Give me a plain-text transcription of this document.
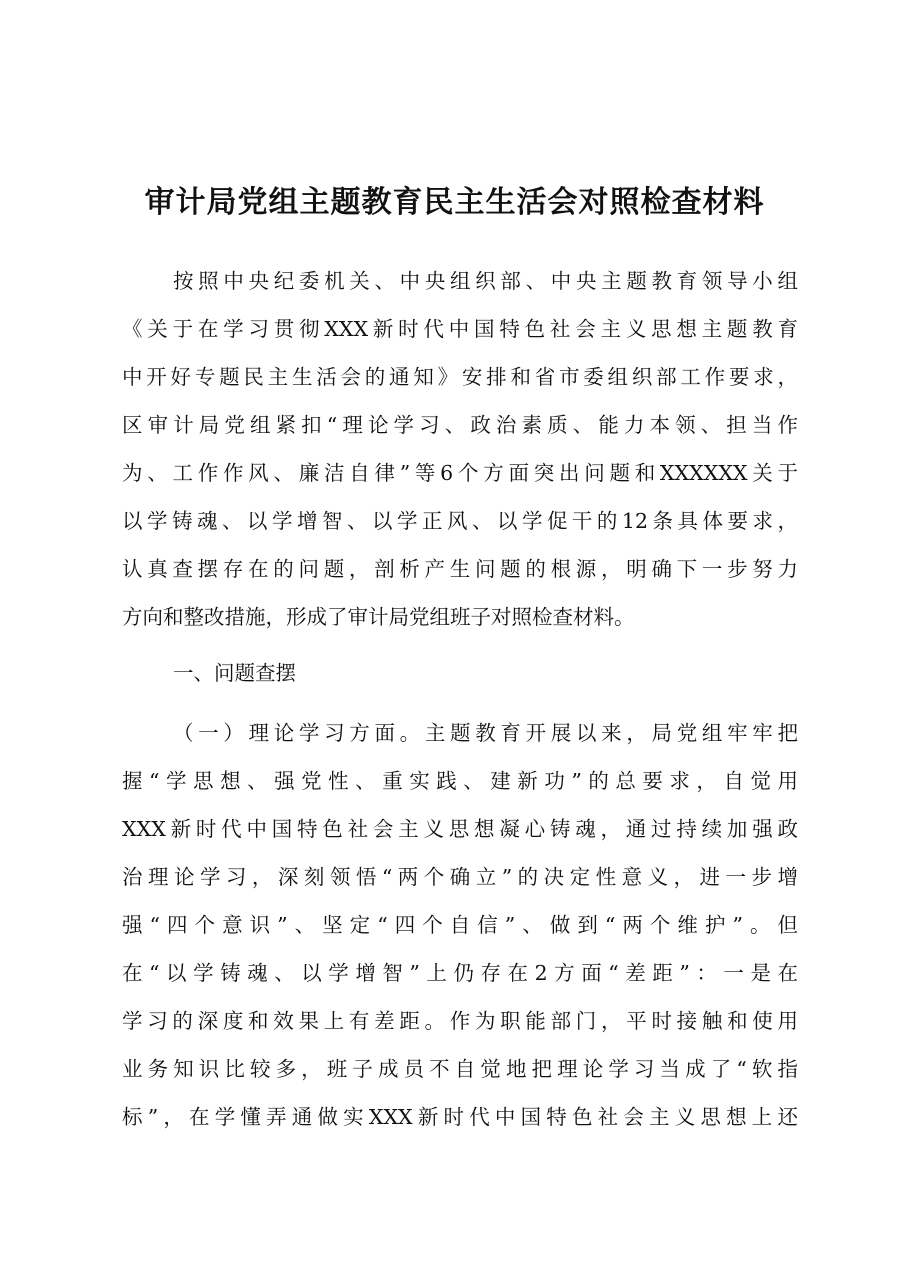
审计局党组主题教育民主生活会对照检查材料
按照中央纪委机关、中央组织部、中央主题教育领导小组
《关于在学习贯彻XXX新时代中国特色社会主义思想主题教育
中开好专题民主生活会的通知》安排和省市委组织部工作要求，
区审计局党组紧扣“理论学习、政治素质、能力本领、担当作
为、工作作风、廉洁自律”等6个方面突出问题和XXXXXX关于
以学铸魂、以学增智、以学正风、以学促干的12条具体要求，
认真查摆存在的问题，剖析产生问题的根源，明确下一步努力
方向和整改措施，形成了审计局党组班子对照检查材料。
一、问题查摆
（一）理论学习方面。主题教育开展以来，局党组牢牢把
握“学思想、强党性、重实践、建新功”的总要求，自觉用
XXX新时代中国特色社会主义思想凝心铸魂，通过持续加强政
治理论学习，深刻领悟“两个确立”的决定性意义，进一步增
强“四个意识”、坚定“四个自信”、做到“两个维护”。但
在“以学铸魂、以学增智”上仍存在2方面“差距”：一是在
学习的深度和效果上有差距。作为职能部门，平时接触和使用
业务知识比较多，班子成员不自觉地把理论学习当成了“软指
标”，在学懂弄通做实XXX新时代中国特色社会主义思想上还
